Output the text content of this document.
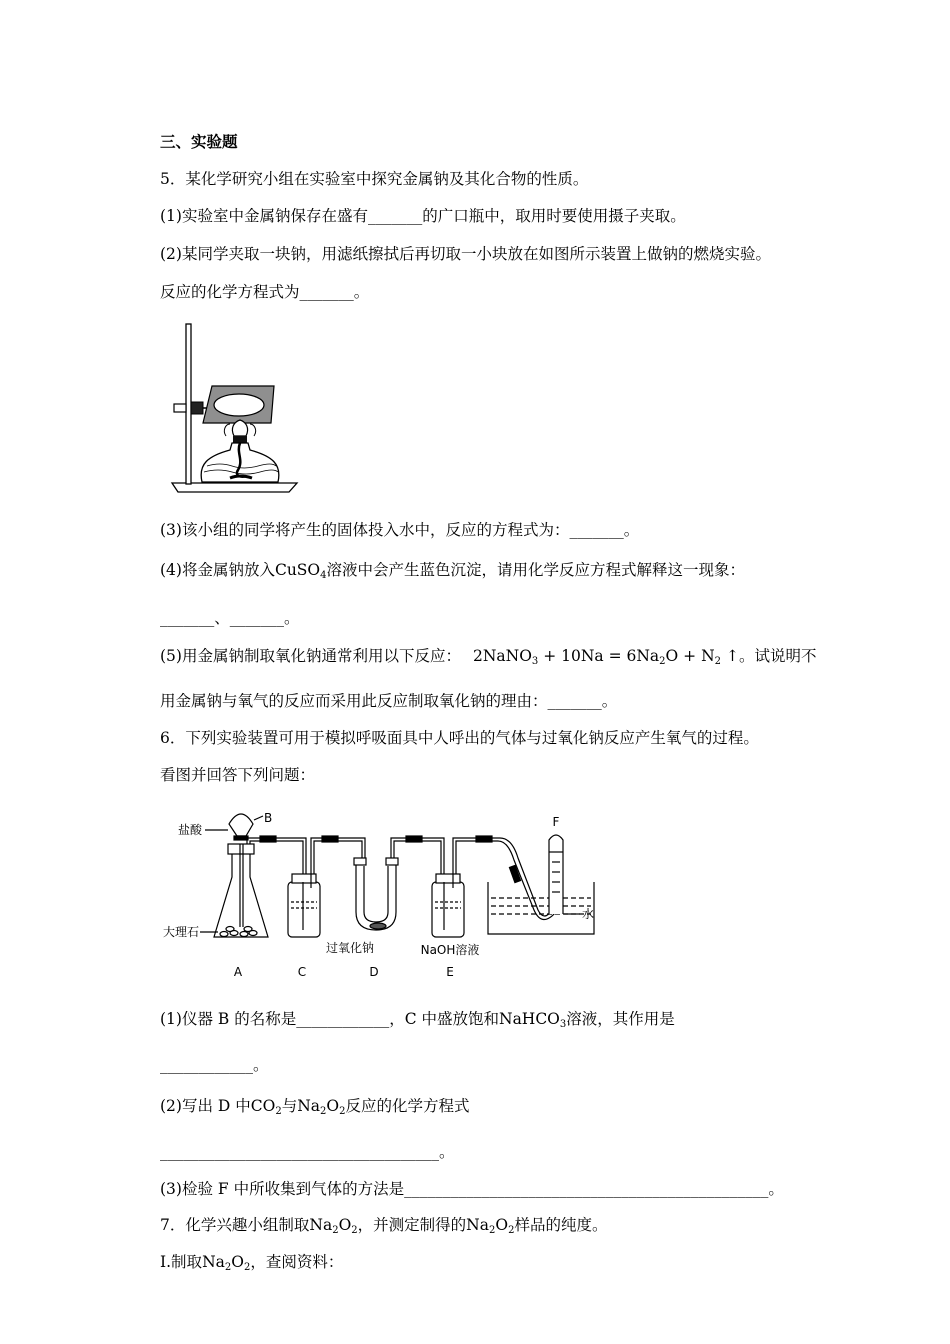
三、实验题
5．某化学研究小组在实验室中探究金属钠及其化合物的性质。
(1)实验室中金属钠保存在盛有_______的广口瓶中，取用时要使用摄子夹取。
(2)某同学夹取一块钠，用滤纸擦拭后再切取一小块放在如图所示装置上做钠的燃烧实验。
反应的化学方程式为_______。
(3)该小组的同学将产生的固体投入水中，反应的方程式为：_______。
(4)将金属钠放入CuSO$_4$溶液中会产生蓝色沉淀，请用化学反应方程式解释这一现象：
_______、_______。
(5)用金属钠制取氧化钠通常利用以下反应： 2NaNO$_3$ + $10Na = 6Na_2O + N_2$ ↑。试说明不
用金属钠与氧气的反应而采用此反应制取氧化钠的理由：_______。
6．下列实验装置可用于模拟呼吸面具中人呼出的气体与过氧化钠反应产生氧气的过程。
看图并回答下列问题：
盐酸
B
大理石
过氧化钠	NaOH溶液
水
F
A	C	D	E
(1)仪器 B 的名称是____________，C 中盛放饱和NaHCO$_3$溶液，其作用是
____________。
(2)写出 D 中$CO_2$与$Na_2O_2$反应的化学方程式
____________________________________。
(3)检验 F 中所收集到气体的方法是_______________________________________________。
7．化学兴趣小组制取$Na_2O_2$，并测定制得的$Na_2O_2$样品的纯度。
I.制取$Na_2O_2$，查阅资料：
